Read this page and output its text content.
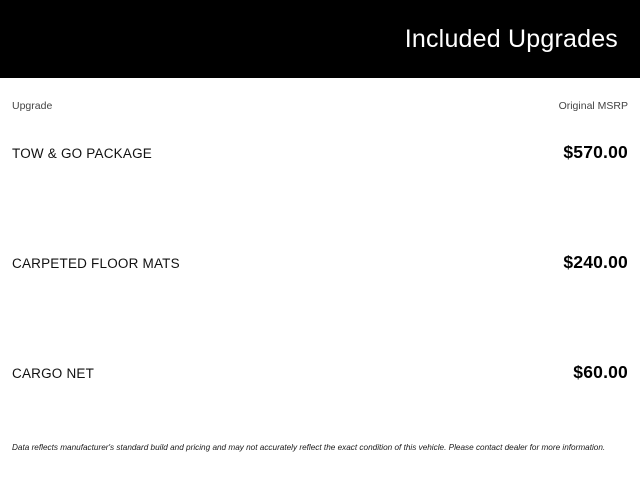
Included Upgrades
Upgrade	Original MSRP
TOW & GO PACKAGE	$570.00
CARPETED FLOOR MATS	$240.00
CARGO NET	$60.00
Data reflects manufacturer's standard build and pricing and may not accurately reflect the exact condition of this vehicle. Please contact dealer for more information.
